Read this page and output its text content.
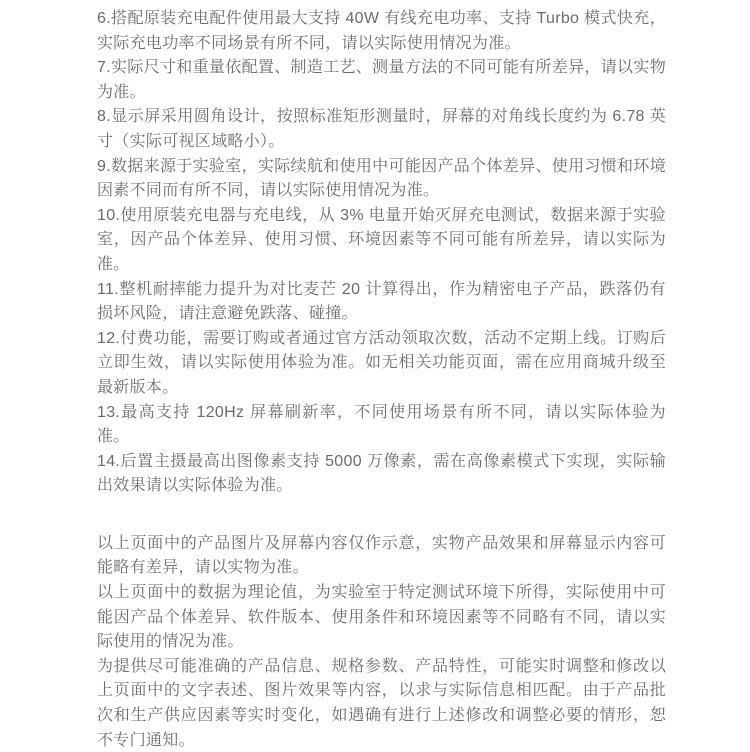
6.搭配原装充电配件使用最大支持 40W 有线充电功率、支持 Turbo 模式快充，实际充电功率不同场景有所不同，请以实际使用情况为准。

7.实际尺寸和重量依配置、制造工艺、测量方法的不同可能有所差异，请以实物为准。

8.显示屏采用圆角设计，按照标准矩形测量时，屏幕的对角线长度约为 6.78 英寸（实际可视区域略小）。

9.数据来源于实验室，实际续航和使用中可能因产品个体差异、使用习惯和环境因素不同而有所不同，请以实际使用情况为准。

10.使用原装充电器与充电线，从 3% 电量开始灭屏充电测试，数据来源于实验室，因产品个体差异、使用习惯、环境因素等不同可能有所差异，请以实际为准。

11.整机耐摔能力提升为对比麦芒 20 计算得出，作为精密电子产品，跌落仍有损坏风险，请注意避免跌落、碰撞。

12.付费功能，需要订购或者通过官方活动领取次数，活动不定期上线。订购后立即生效，请以实际使用体验为准。如无相关功能页面，需在应用商城升级至最新版本。

13.最高支持 120Hz 屏幕刷新率，不同使用场景有所不同，请以实际体验为准。

14.后置主摄最高出图像素支持 5000 万像素，需在高像素模式下实现，实际输出效果请以实际体验为准。

以上页面中的产品图片及屏幕内容仅作示意，实物产品效果和屏幕显示内容可能略有差异，请以实物为准。

以上页面中的数据为理论值，为实验室于特定测试环境下所得，实际使用中可能因产品个体差异、软件版本、使用条件和环境因素等不同略有不同，请以实际使用的情况为准。

为提供尽可能准确的产品信息、规格参数、产品特性，可能实时调整和修改以上页面中的文字表述、图片效果等内容，以求与实际信息相匹配。由于产品批次和生产供应因素等实时变化，如遇确有进行上述修改和调整必要的情形，恕不专门通知。
